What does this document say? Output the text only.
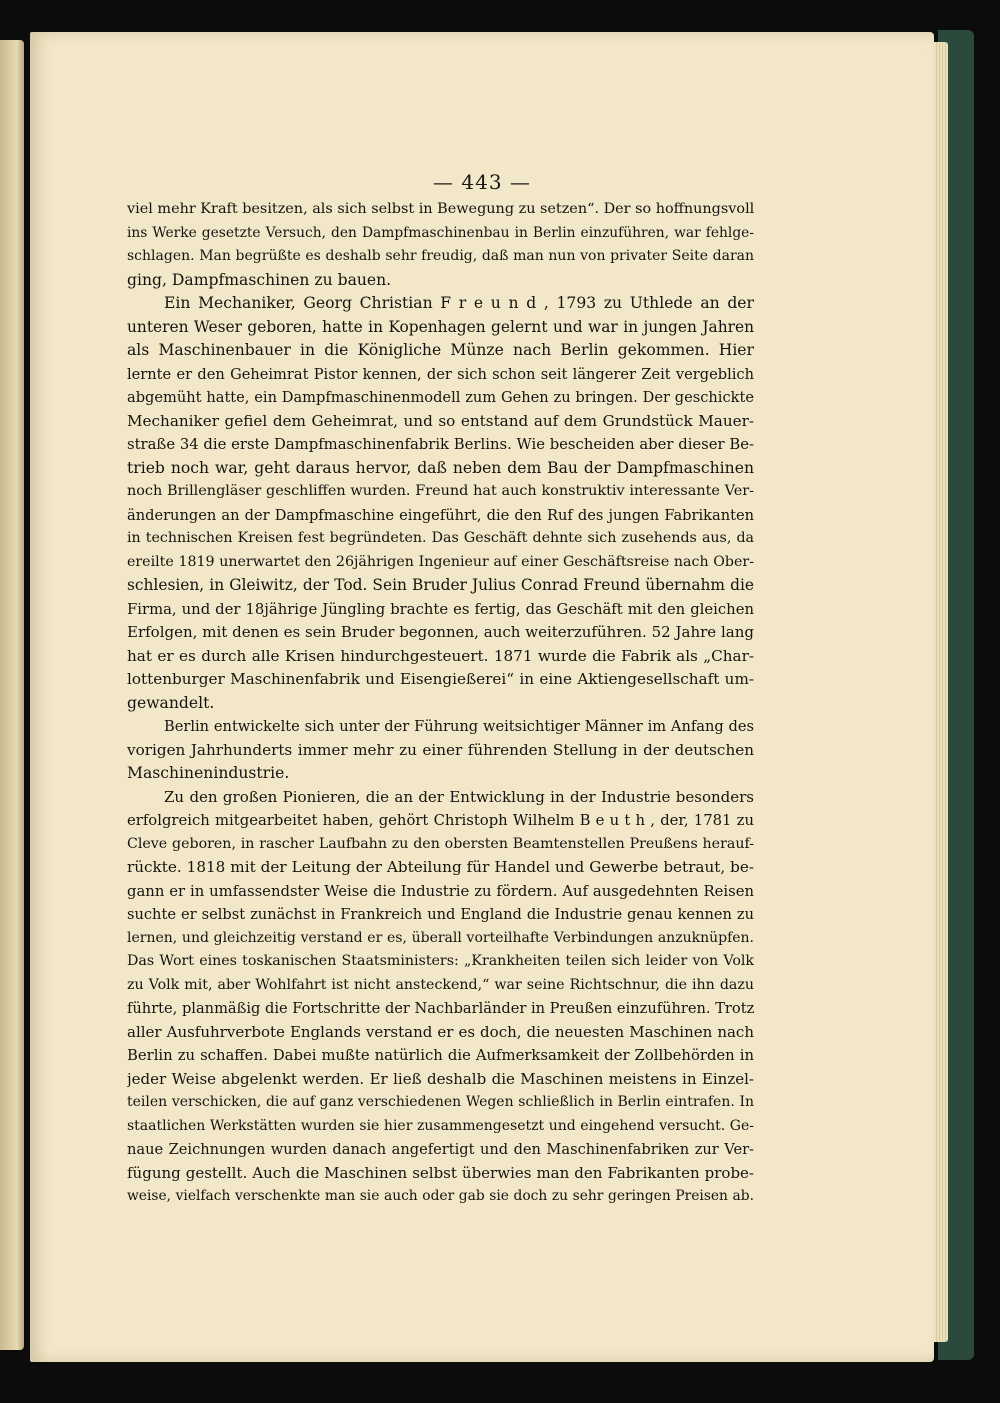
— 443 —

viel mehr Kraft besitzen, als sich selbst in Bewegung zu setzen“. Der so hoffnungsvoll
ins Werke gesetzte Versuch, den Dampfmaschinenbau in Berlin einzuführen, war fehlge-
schlagen. Man begrüßte es deshalb sehr freudig, daß man nun von privater Seite daran
ging, Dampfmaschinen zu bauen.
Ein Mechaniker, Georg Christian F r e u n d , 1793 zu Uthlede an der
unteren Weser geboren, hatte in Kopenhagen gelernt und war in jungen Jahren
als Maschinenbauer in die Königliche Münze nach Berlin gekommen. Hier
lernte er den Geheimrat Pistor kennen, der sich schon seit längerer Zeit vergeblich
abgemüht hatte, ein Dampfmaschinenmodell zum Gehen zu bringen. Der geschickte
Mechaniker gefiel dem Geheimrat, und so entstand auf dem Grundstück Mauer-
straße 34 die erste Dampfmaschinenfabrik Berlins. Wie bescheiden aber dieser Be-
trieb noch war, geht daraus hervor, daß neben dem Bau der Dampfmaschinen
noch Brillengläser geschliffen wurden. Freund hat auch konstruktiv interessante Ver-
änderungen an der Dampfmaschine eingeführt, die den Ruf des jungen Fabrikanten
in technischen Kreisen fest begründeten. Das Geschäft dehnte sich zusehends aus, da
ereilte 1819 unerwartet den 26jährigen Ingenieur auf einer Geschäftsreise nach Ober-
schlesien, in Gleiwitz, der Tod. Sein Bruder Julius Conrad Freund übernahm die
Firma, und der 18jährige Jüngling brachte es fertig, das Geschäft mit den gleichen
Erfolgen, mit denen es sein Bruder begonnen, auch weiterzuführen. 52 Jahre lang
hat er es durch alle Krisen hindurchgesteuert. 1871 wurde die Fabrik als „Char-
lottenburger Maschinenfabrik und Eisengießerei“ in eine Aktiengesellschaft um-
gewandelt.
Berlin entwickelte sich unter der Führung weitsichtiger Männer im Anfang des
vorigen Jahrhunderts immer mehr zu einer führenden Stellung in der deutschen
Maschinenindustrie.
Zu den großen Pionieren, die an der Entwicklung in der Industrie besonders
erfolgreich mitgearbeitet haben, gehört Christoph Wilhelm B e u t h , der, 1781 zu
Cleve geboren, in rascher Laufbahn zu den obersten Beamtenstellen Preußens herauf-
rückte. 1818 mit der Leitung der Abteilung für Handel und Gewerbe betraut, be-
gann er in umfassendster Weise die Industrie zu fördern. Auf ausgedehnten Reisen
suchte er selbst zunächst in Frankreich und England die Industrie genau kennen zu
lernen, und gleichzeitig verstand er es, überall vorteilhafte Verbindungen anzuknüpfen.
Das Wort eines toskanischen Staatsministers: „Krankheiten teilen sich leider von Volk
zu Volk mit, aber Wohlfahrt ist nicht ansteckend,“ war seine Richtschnur, die ihn dazu
führte, planmäßig die Fortschritte der Nachbarländer in Preußen einzuführen. Trotz
aller Ausfuhrverbote Englands verstand er es doch, die neuesten Maschinen nach
Berlin zu schaffen. Dabei mußte natürlich die Aufmerksamkeit der Zollbehörden in
jeder Weise abgelenkt werden. Er ließ deshalb die Maschinen meistens in Einzel-
teilen verschicken, die auf ganz verschiedenen Wegen schließlich in Berlin eintrafen. In
staatlichen Werkstätten wurden sie hier zusammengesetzt und eingehend versucht. Ge-
naue Zeichnungen wurden danach angefertigt und den Maschinenfabriken zur Ver-
fügung gestellt. Auch die Maschinen selbst überwies man den Fabrikanten probe-
weise, vielfach verschenkte man sie auch oder gab sie doch zu sehr geringen Preisen ab.
